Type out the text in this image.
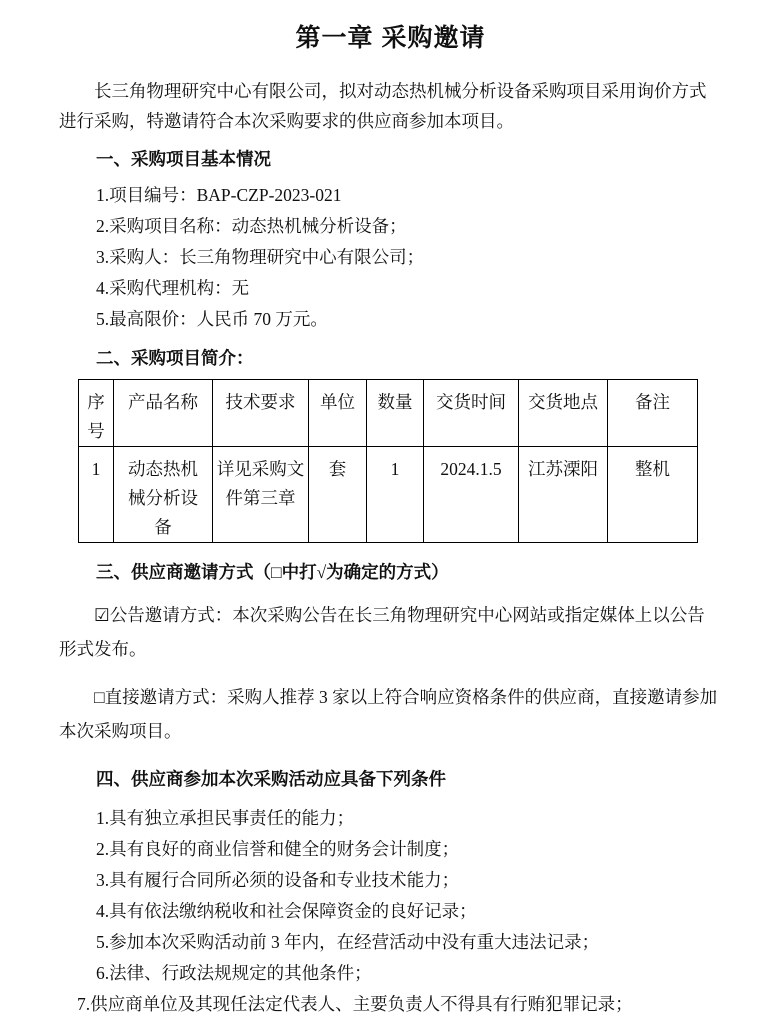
第一章 采购邀请

长三角物理研究中心有限公司，拟对动态热机械分析设备采购项目采用询价方式进行采购，特邀请符合本次采购要求的供应商参加本项目。

一、采购项目基本情况

1.项目编号：BAP-CZP-2023-021

2.采购项目名称：动态热机械分析设备；

3.采购人：长三角物理研究中心有限公司；

4.采购代理机构：无

5.最高限价：人民币 70 万元。

二、采购项目简介：
序号	产品名称	技术要求	单位	数量	交货时间	交货地点	备注
1	动态热机械分析设备	详见采购文件第三章	套	1	2024.1.5	江苏溧阳	整机
三、供应商邀请方式（□中打√为确定的方式）

☑公告邀请方式：本次采购公告在长三角物理研究中心网站或指定媒体上以公告形式发布。

□直接邀请方式：采购人推荐 3 家以上符合响应资格条件的供应商，直接邀请参加本次采购项目。

四、供应商参加本次采购活动应具备下列条件

1.具有独立承担民事责任的能力；

2.具有良好的商业信誉和健全的财务会计制度；

3.具有履行合同所必须的设备和专业技术能力；

4.具有依法缴纳税收和社会保障资金的良好记录；

5.参加本次采购活动前 3 年内，在经营活动中没有重大违法记录；

6.法律、行政法规规定的其他条件；

7.供应商单位及其现任法定代表人、主要负责人不得具有行贿犯罪记录；
